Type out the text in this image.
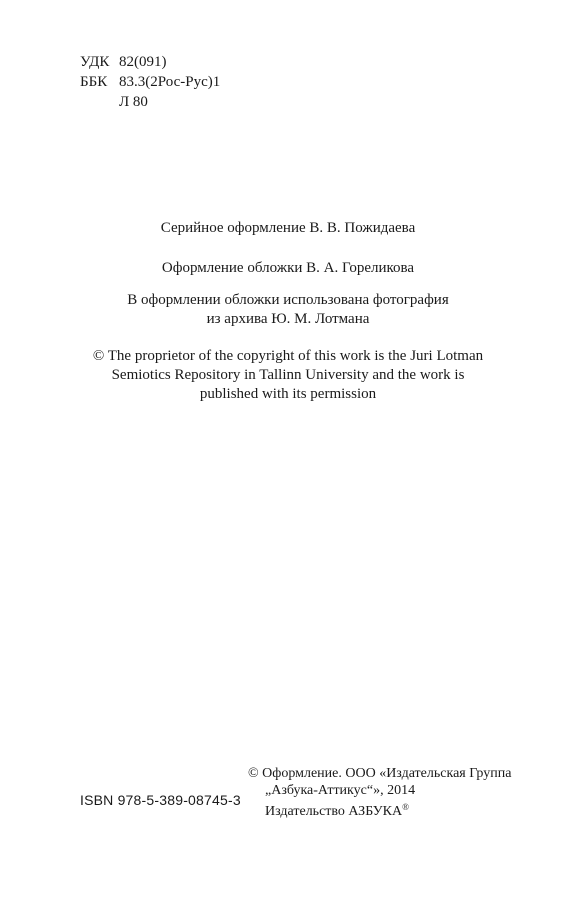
УДК 82(091)
ББК 83.3(2Рос-Рус)1
Л 80

Серийное оформление В. В. Пожидаева

Оформление обложки В. А. Гореликова

В оформлении обложки использована фотография

из архива Ю. М. Лотмана

© The proprietor of the copyright of this work is the Juri Lotman

Semiotics Repository in Tallinn University and the work is

published with its permission

ISBN 978-5-389-08745-3
© Оформление. ООО «Издательская Группа
„Азбука-Аттикус“», 2014
Издательство АЗБУКА®
